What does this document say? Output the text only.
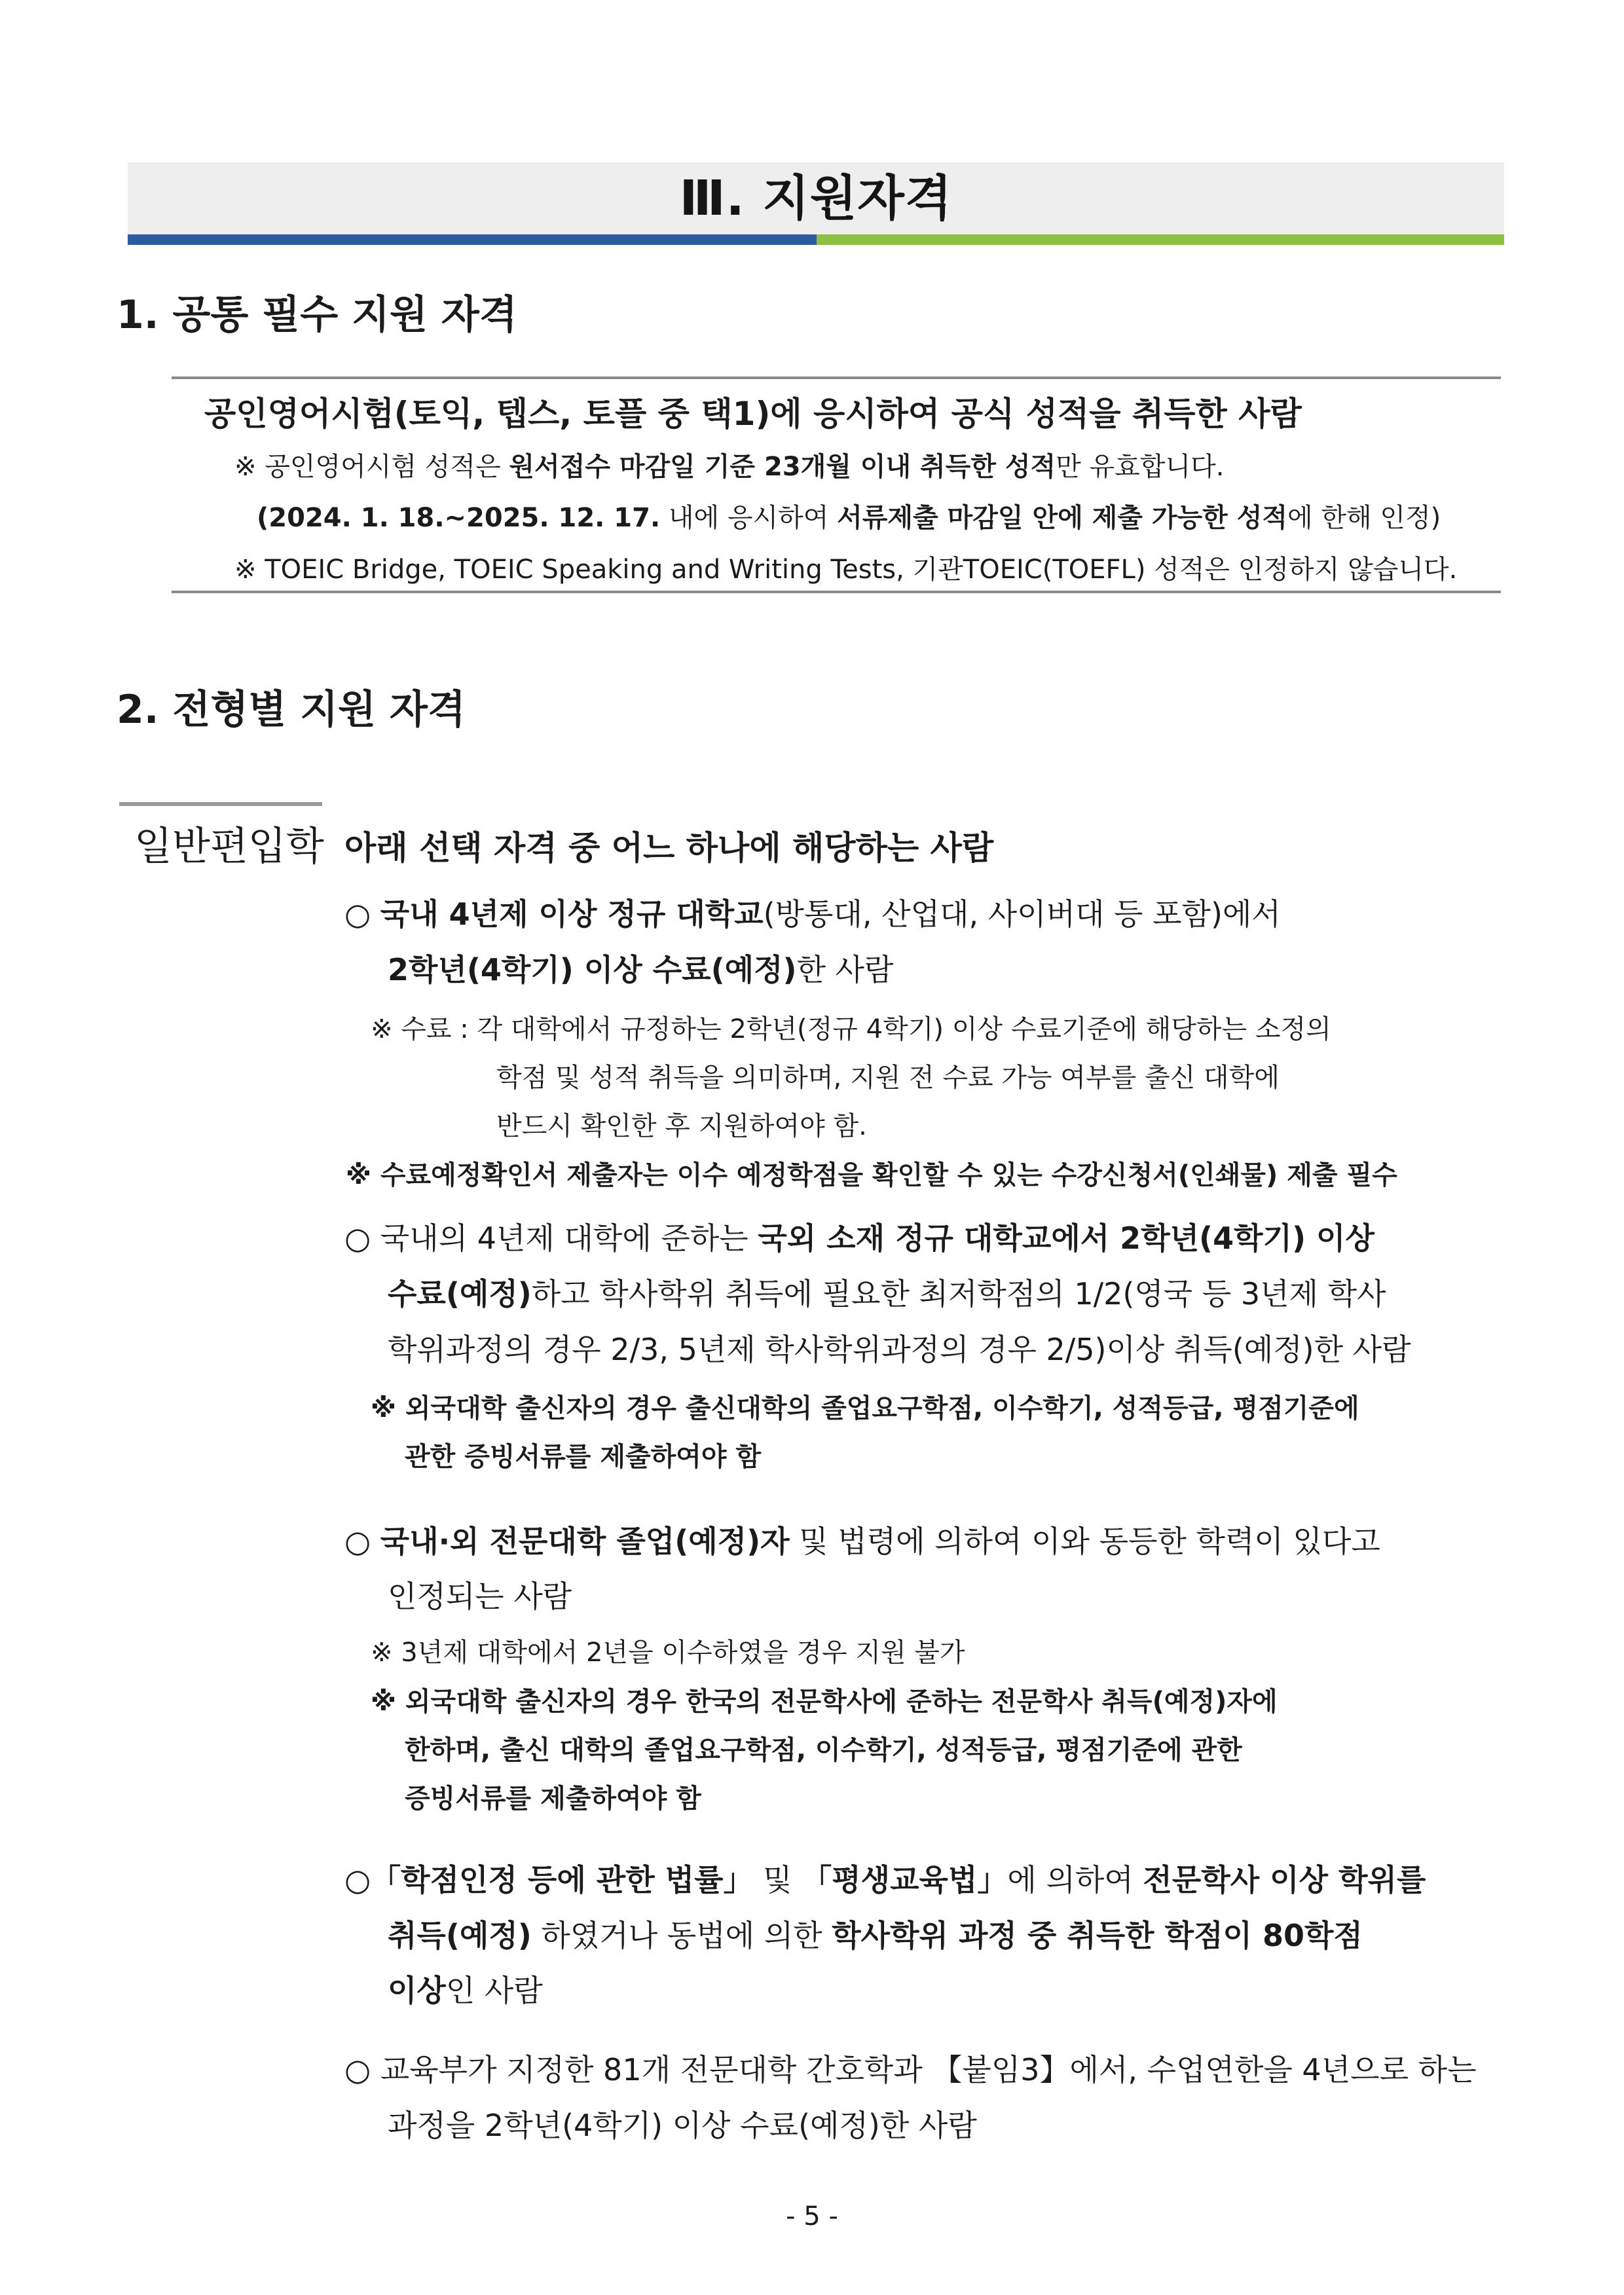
Ⅲ. 지원자격
1. 공통 필수 지원 자격
공인영어시험(토익, 텝스, 토플 중 택1)에 응시하여 공식 성적을 취득한 사람
※ 공인영어시험 성적은 원서접수 마감일 기준 23개월 이내 취득한 성적만 유효합니다.
(2024. 1. 18.~2025. 12. 17. 내에 응시하여 서류제출 마감일 안에 제출 가능한 성적에 한해 인정)
※ TOEIC Bridge, TOEIC Speaking and Writing Tests, 기관TOEIC(TOEFL) 성적은 인정하지 않습니다.
2. 전형별 지원 자격
일반편입학 아래 선택 자격 중 어느 하나에 해당하는 사람
○ 국내 4년제 이상 정규 대학교(방통대, 산업대, 사이버대 등 포함)에서
2학년(4학기) 이상 수료(예정)한 사람
※ 수료 : 각 대학에서 규정하는 2학년(정규 4학기) 이상 수료기준에 해당하는 소정의
학점 및 성적 취득을 의미하며, 지원 전 수료 가능 여부를 출신 대학에
반드시 확인한 후 지원하여야 함.
※ 수료예정확인서 제출자는 이수 예정학점을 확인할 수 있는 수강신청서(인쇄물) 제출 필수
○ 국내의 4년제 대학에 준하는 국외 소재 정규 대학교에서 2학년(4학기) 이상
수료(예정)하고 학사학위 취득에 필요한 최저학점의 1/2(영국 등 3년제 학사
학위과정의 경우 2/3, 5년제 학사학위과정의 경우 2/5)이상 취득(예정)한 사람
※ 외국대학 출신자의 경우 출신대학의 졸업요구학점, 이수학기, 성적등급, 평점기준에
관한 증빙서류를 제출하여야 함
○ 국내·외 전문대학 졸업(예정)자 및 법령에 의하여 이와 동등한 학력이 있다고
인정되는 사람
※ 3년제 대학에서 2년을 이수하였을 경우 지원 불가
※ 외국대학 출신자의 경우 한국의 전문학사에 준하는 전문학사 취득(예정)자에
한하며, 출신 대학의 졸업요구학점, 이수학기, 성적등급, 평점기준에 관한
증빙서류를 제출하여야 함
○「학점인정 등에 관한 법률」 및 「평생교육법」에 의하여 전문학사 이상 학위를
취득(예정) 하였거나 동법에 의한 학사학위 과정 중 취득한 학점이 80학점
이상인 사람
○ 교육부가 지정한 81개 전문대학 간호학과 【붙임3】에서, 수업연한을 4년으로 하는
과정을 2학년(4학기) 이상 수료(예정)한 사람
- 5 -
